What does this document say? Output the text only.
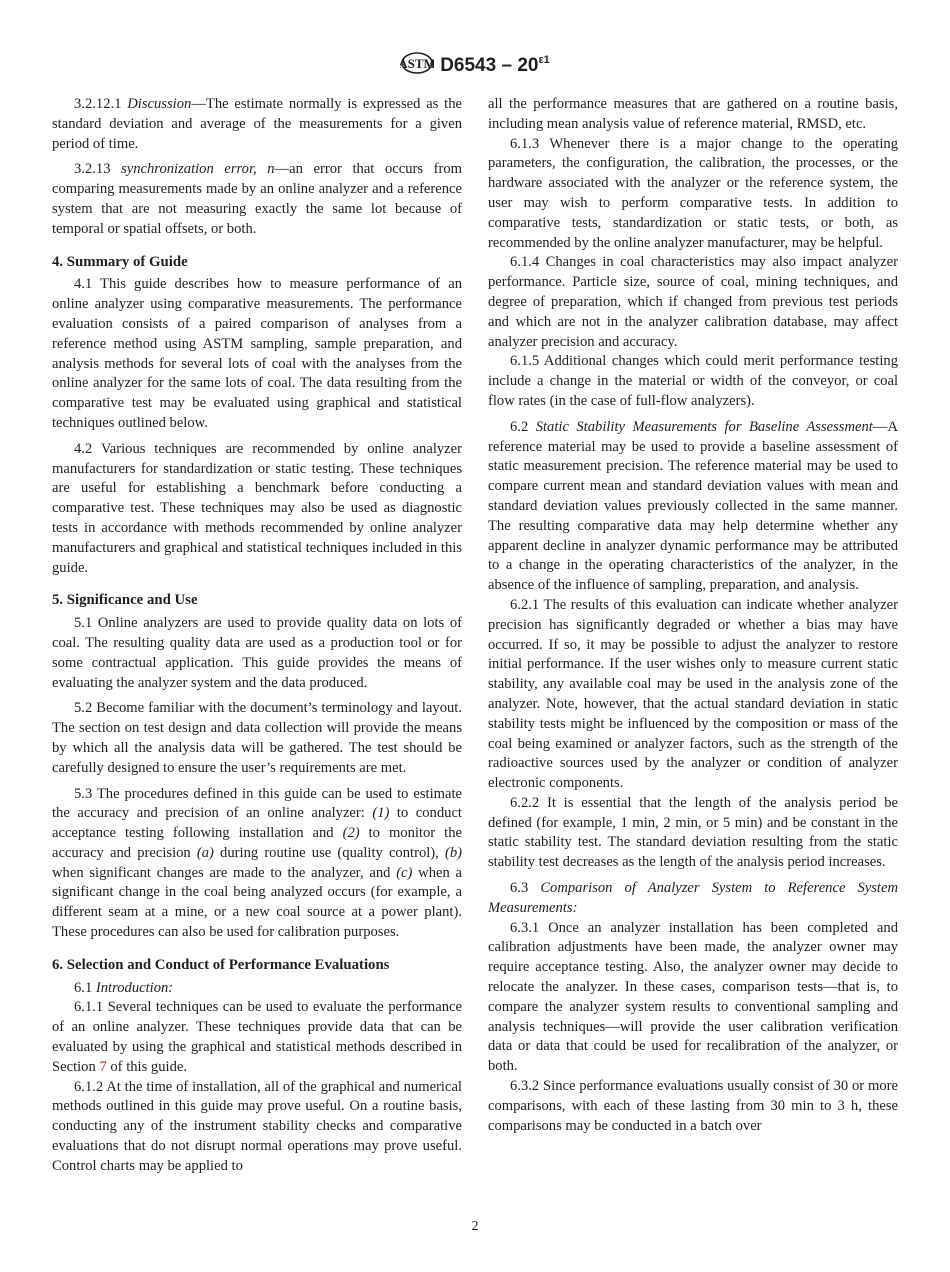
ASTM $D6543 - 20^{\varepsilon 1}$

3.2.12.1 Discussion—The estimate normally is expressed as the standard deviation and average of the measurements for a given period of time.

3.2.13 synchronization error, n—an error that occurs from comparing measurements made by an online analyzer and a reference system that are not measuring exactly the same lot because of temporal or spatial offsets, or both.

4. Summary of Guide

4.1 This guide describes how to measure performance of an online analyzer using comparative measurements. The performance evaluation consists of a paired comparison of analyses from a reference method using ASTM sampling, sample preparation, and analysis methods for several lots of coal with the analyses from the online analyzer for the same lots of coal. The data resulting from the comparative test may be evaluated using graphical and statistical techniques outlined below.

4.2 Various techniques are recommended by online analyzer manufacturers for standardization or static testing. These techniques are useful for establishing a benchmark before conducting a comparative test. These techniques may also be used as diagnostic tests in accordance with methods recommended by online analyzer manufacturers and graphical and statistical techniques included in this guide.

5. Significance and Use

5.1 Online analyzers are used to provide quality data on lots of coal. The resulting quality data are used as a production tool or for some contractual application. This guide provides the means of evaluating the analyzer system and the data produced.

5.2 Become familiar with the document’s terminology and layout. The section on test design and data collection will provide the means by which all the analysis data will be gathered. The test should be carefully designed to ensure the user’s requirements are met.

5.3 The procedures defined in this guide can be used to estimate the accuracy and precision of an online analyzer: (1) to conduct acceptance testing following installation and (2) to monitor the accuracy and precision (a) during routine use (quality control), (b) when significant changes are made to the analyzer, and (c) when a significant change in the coal being analyzed occurs (for example, a different seam at a mine, or a new coal source at a power plant). These procedures can also be used for calibration purposes.

6. Selection and Conduct of Performance Evaluations

6.1 Introduction:

6.1.1 Several techniques can be used to evaluate the performance of an online analyzer. These techniques provide data that can be evaluated by using the graphical and statistical methods described in Section 7 of this guide.

6.1.2 At the time of installation, all of the graphical and numerical methods outlined in this guide may prove useful. On a routine basis, conducting any of the instrument stability checks and comparative evaluations that do not disrupt normal operations may prove useful. Control charts may be applied to

all the performance measures that are gathered on a routine basis, including mean analysis value of reference material, RMSD, etc.

6.1.3 Whenever there is a major change to the operating parameters, the configuration, the calibration, the processes, or the hardware associated with the analyzer or the reference system, the user may wish to perform comparative tests. In addition to comparative tests, standardization or static tests, or both, as recommended by the online analyzer manufacturer, may be helpful.

6.1.4 Changes in coal characteristics may also impact analyzer performance. Particle size, source of coal, mining techniques, and degree of preparation, which if changed from previous test periods and which are not in the analyzer calibration database, may affect analyzer precision and accuracy.

6.1.5 Additional changes which could merit performance testing include a change in the material or width of the conveyor, or coal flow rates (in the case of full-flow analyzers).

6.2 Static Stability Measurements for Baseline Assessment—A reference material may be used to provide a baseline assessment of static measurement precision. The reference material may be used to compare current mean and standard deviation values with mean and standard deviation values previously collected in the same manner. The resulting comparative data may help determine whether any apparent decline in analyzer dynamic performance may be attributed to a change in the operating characteristics of the analyzer, in the absence of the influence of sampling, preparation, and analysis.

6.2.1 The results of this evaluation can indicate whether analyzer precision has significantly degraded or whether a bias may have occurred. If so, it may be possible to adjust the analyzer to restore initial performance. If the user wishes only to measure current static stability, any available coal may be used in the analysis zone of the analyzer. Note, however, that the actual standard deviation in static stability tests might be influenced by the composition or mass of the coal being examined or analyzer factors, such as the strength of the radioactive sources used by the analyzer or condition of analyzer electronic components.

6.2.2 It is essential that the length of the analysis period be defined (for example, 1 min, 2 min, or 5 min) and be constant in the static stability test. The standard deviation resulting from the static stability test decreases as the length of the analysis period increases.

6.3 Comparison of Analyzer System to Reference System Measurements:

6.3.1 Once an analyzer installation has been completed and calibration adjustments have been made, the analyzer owner may require acceptance testing. Also, the analyzer owner may decide to relocate the analyzer. In these cases, comparison tests—that is, to compare the analyzer system results to conventional sampling and analysis techniques—will provide the user calibration verification data or data that could be used for recalibration of the analyzer, or both.

6.3.2 Since performance evaluations usually consist of 30 or more comparisons, with each of these lasting from 30 min to 3 h, these comparisons may be conducted in a batch over

2
